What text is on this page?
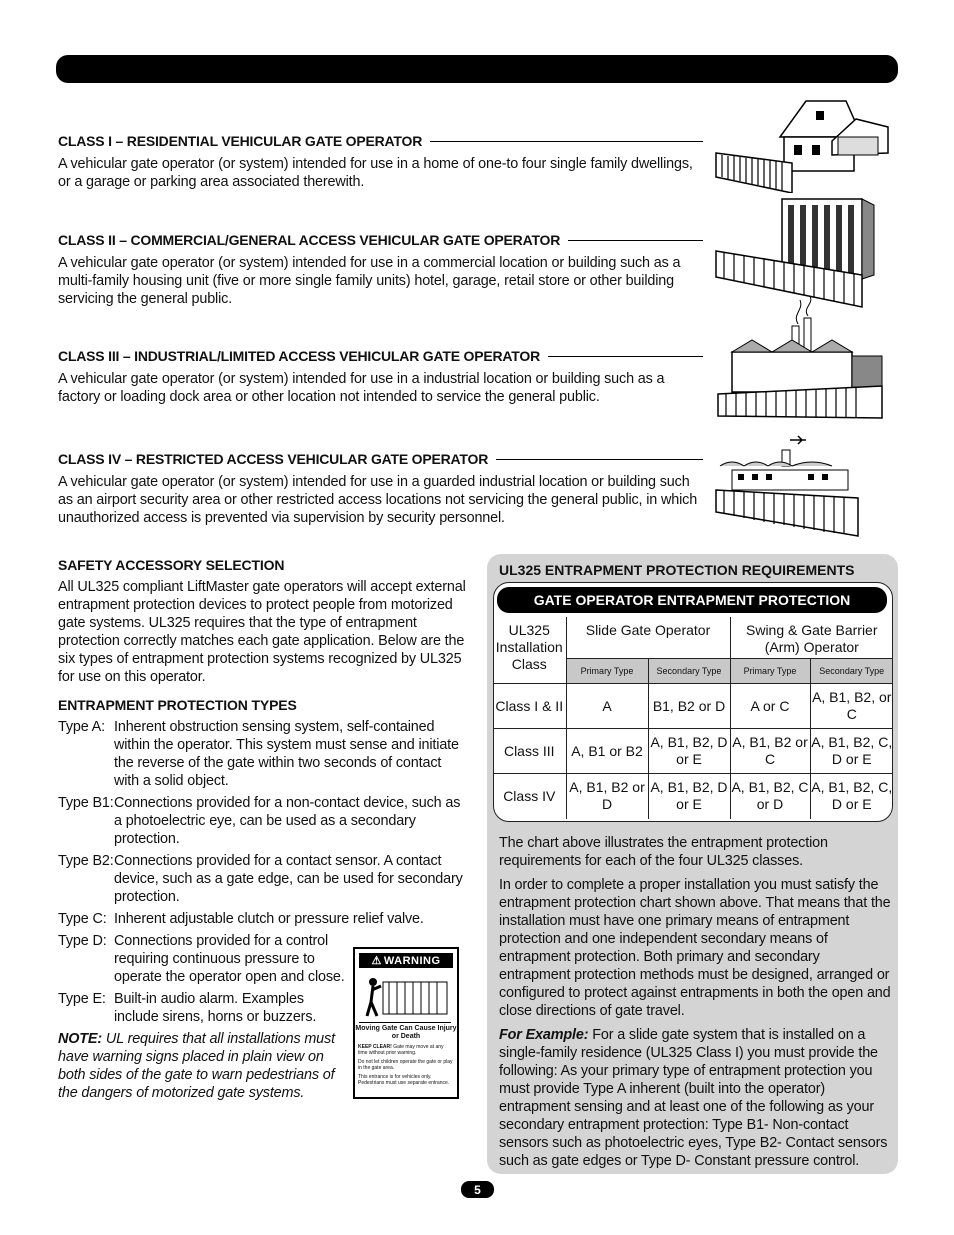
CLASS I – RESIDENTIAL VEHICULAR GATE OPERATOR
A vehicular gate operator (or system) intended for use in a home of one-to four single family dwellings, or a garage or parking area associated therewith.
CLASS II – COMMERCIAL/GENERAL ACCESS VEHICULAR GATE OPERATOR
A vehicular gate operator (or system) intended for use in a commercial location or building such as a multi-family housing unit (five or more single family units) hotel, garage, retail store or other building servicing the general public.
CLASS III – INDUSTRIAL/LIMITED ACCESS VEHICULAR GATE OPERATOR
A vehicular gate operator (or system) intended for use in a industrial location or building such as a factory or loading dock area or other location not intended to service the general public.
CLASS IV – RESTRICTED ACCESS VEHICULAR GATE OPERATOR
A vehicular gate operator (or system) intended for use in a guarded industrial location or building such as an airport security area or other restricted access locations not servicing the general public, in which unauthorized access is prevented via supervision by security personnel.
SAFETY ACCESSORY SELECTION
All UL325 compliant LiftMaster gate operators will accept external entrapment protection devices to protect people from motorized gate systems. UL325 requires that the type of entrapment protection correctly matches each gate application. Below are the six types of entrapment protection systems recognized by UL325 for use on this operator.
ENTRAPMENT PROTECTION TYPES
Type A: Inherent obstruction sensing system, self-contained within the operator. This system must sense and initiate the reverse of the gate within two seconds of contact with a solid object.
Type B1: Connections provided for a non-contact device, such as a photoelectric eye, can be used as a secondary protection.
Type B2: Connections provided for a contact sensor. A contact device, such as a gate edge, can be used for secondary protection.
Type C: Inherent adjustable clutch or pressure relief valve.
Type D: Connections provided for a control requiring continuous pressure to operate the operator open and close.
Type E: Built-in audio alarm. Examples include sirens, horns or buzzers.
NOTE: UL requires that all installations must have warning signs placed in plain view on both sides of the gate to warn pedestrians of the dangers of motorized gate systems.
⚠ WARNING
Moving Gate Can Cause Injury or Death
KEEP CLEAR! Gate may move at any time without prior warning.
Do not let children operate the gate or play in the gate area.
This entrance is for vehicles only. Pedestrians must use separate entrance.
UL325 ENTRAPMENT PROTECTION REQUIREMENTS
GATE OPERATOR ENTRAPMENT PROTECTION
UL325 Installation Class	Slide Gate Operator		Swing & Gate Barrier (Arm) Operator	
	Primary Type	Secondary Type	Primary Type	Secondary Type
Class I & II	A	B1, B2 or D	A or C	A, B1, B2, or C
Class III	A, B1 or B2	A, B1, B2, D or E	A, B1, B2 or C	A, B1, B2, C, D or E
Class IV	A, B1, B2 or D	A, B1, B2, D or E	A, B1, B2, C or D	A, B1, B2, C, D or E

The chart above illustrates the entrapment protection requirements for each of the four UL325 classes.

In order to complete a proper installation you must satisfy the entrapment protection chart shown above. That means that the installation must have one primary means of entrapment protection and one independent secondary means of entrapment protection. Both primary and secondary entrapment protection methods must be designed, arranged or configured to protect against entrapments in both the open and close directions of gate travel.

For Example: For a slide gate system that is installed on a single-family residence (UL325 Class I) you must provide the following: As your primary type of entrapment protection you must provide Type A inherent (built into the operator) entrapment sensing and at least one of the following as your secondary entrapment protection: Type B1- Non-contact sensors such as photoelectric eyes, Type B2- Contact sensors such as gate edges or Type D- Constant pressure control.

5
